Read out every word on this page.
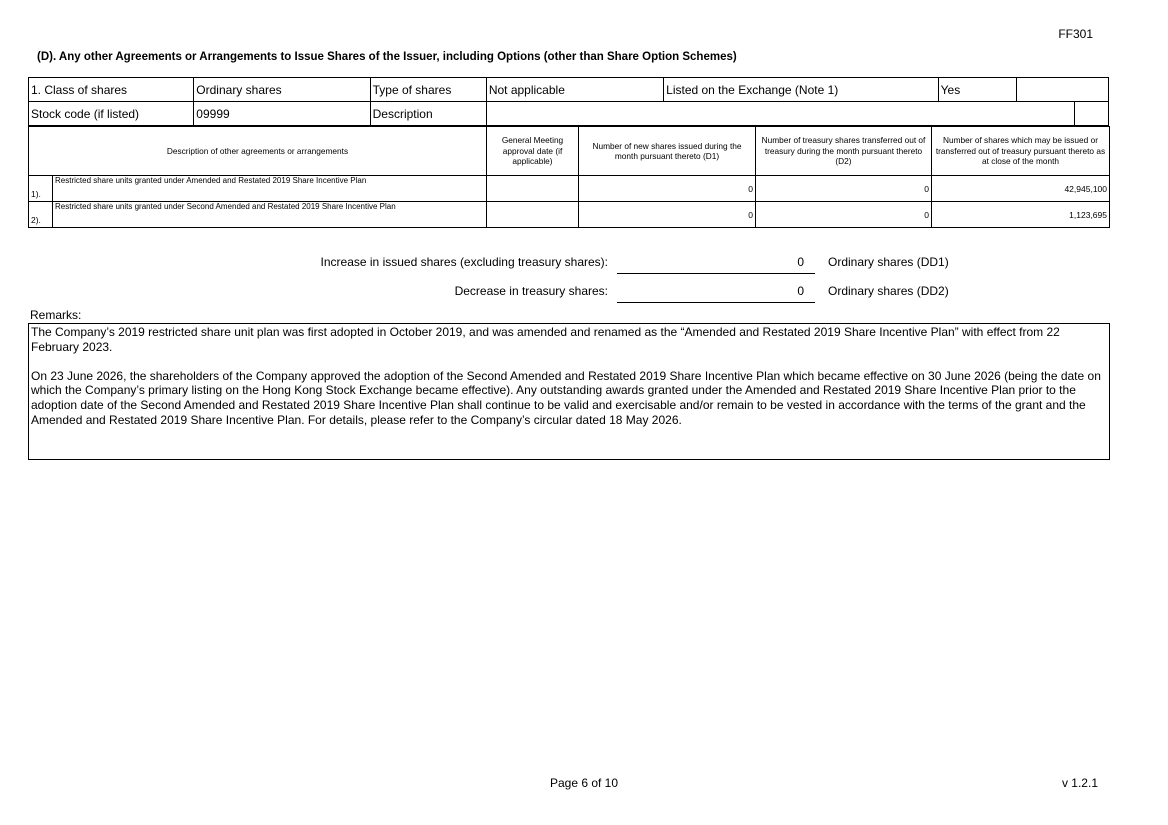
FF301
(D). Any other Agreements or Arrangements to Issue Shares of the Issuer, including Options (other than Share Option Schemes)
1. Class of shares	Ordinary shares	Type of shares	Not applicable	Listed on the Exchange (Note 1)	Yes		
Stock code (if listed)	09999	Description					
Description of other agreements or arrangements		General Meeting approval date (if applicable)	Number of new shares issued during the month pursuant thereto (D1)	Number of treasury shares transferred out of treasury during the month pursuant thereto (D2)	Number of shares which may be issued or transferred out of treasury pursuant thereto as at close of the month
1).	Restricted share units granted under Amended and Restated 2019 Share Incentive Plan		0	0	42,945,100
2).	Restricted share units granted under Second Amended and Restated 2019 Share Incentive Plan		0	0	1,123,695
Increase in issued shares (excluding treasury shares):	0 Ordinary shares (DD1)
Decrease in treasury shares:	0 Ordinary shares (DD2)
Remarks:

The Company’s 2019 restricted share unit plan was first adopted in October 2019, and was amended and renamed as the “Amended and Restated 2019 Share Incentive Plan” with effect from 22 February 2023.

On 23 June 2026, the shareholders of the Company approved the adoption of the Second Amended and Restated 2019 Share Incentive Plan which became effective on 30 June 2026 (being the date on which the Company’s primary listing on the Hong Kong Stock Exchange became effective). Any outstanding awards granted under the Amended and Restated 2019 Share Incentive Plan prior to the adoption date of the Second Amended and Restated 2019 Share Incentive Plan shall continue to be valid and exercisable and/or remain to be vested in accordance with the terms of the grant and the Amended and Restated 2019 Share Incentive Plan. For details, please refer to the Company’s circular dated 18 May 2026.

Page 6 of 10	v 1.2.1
